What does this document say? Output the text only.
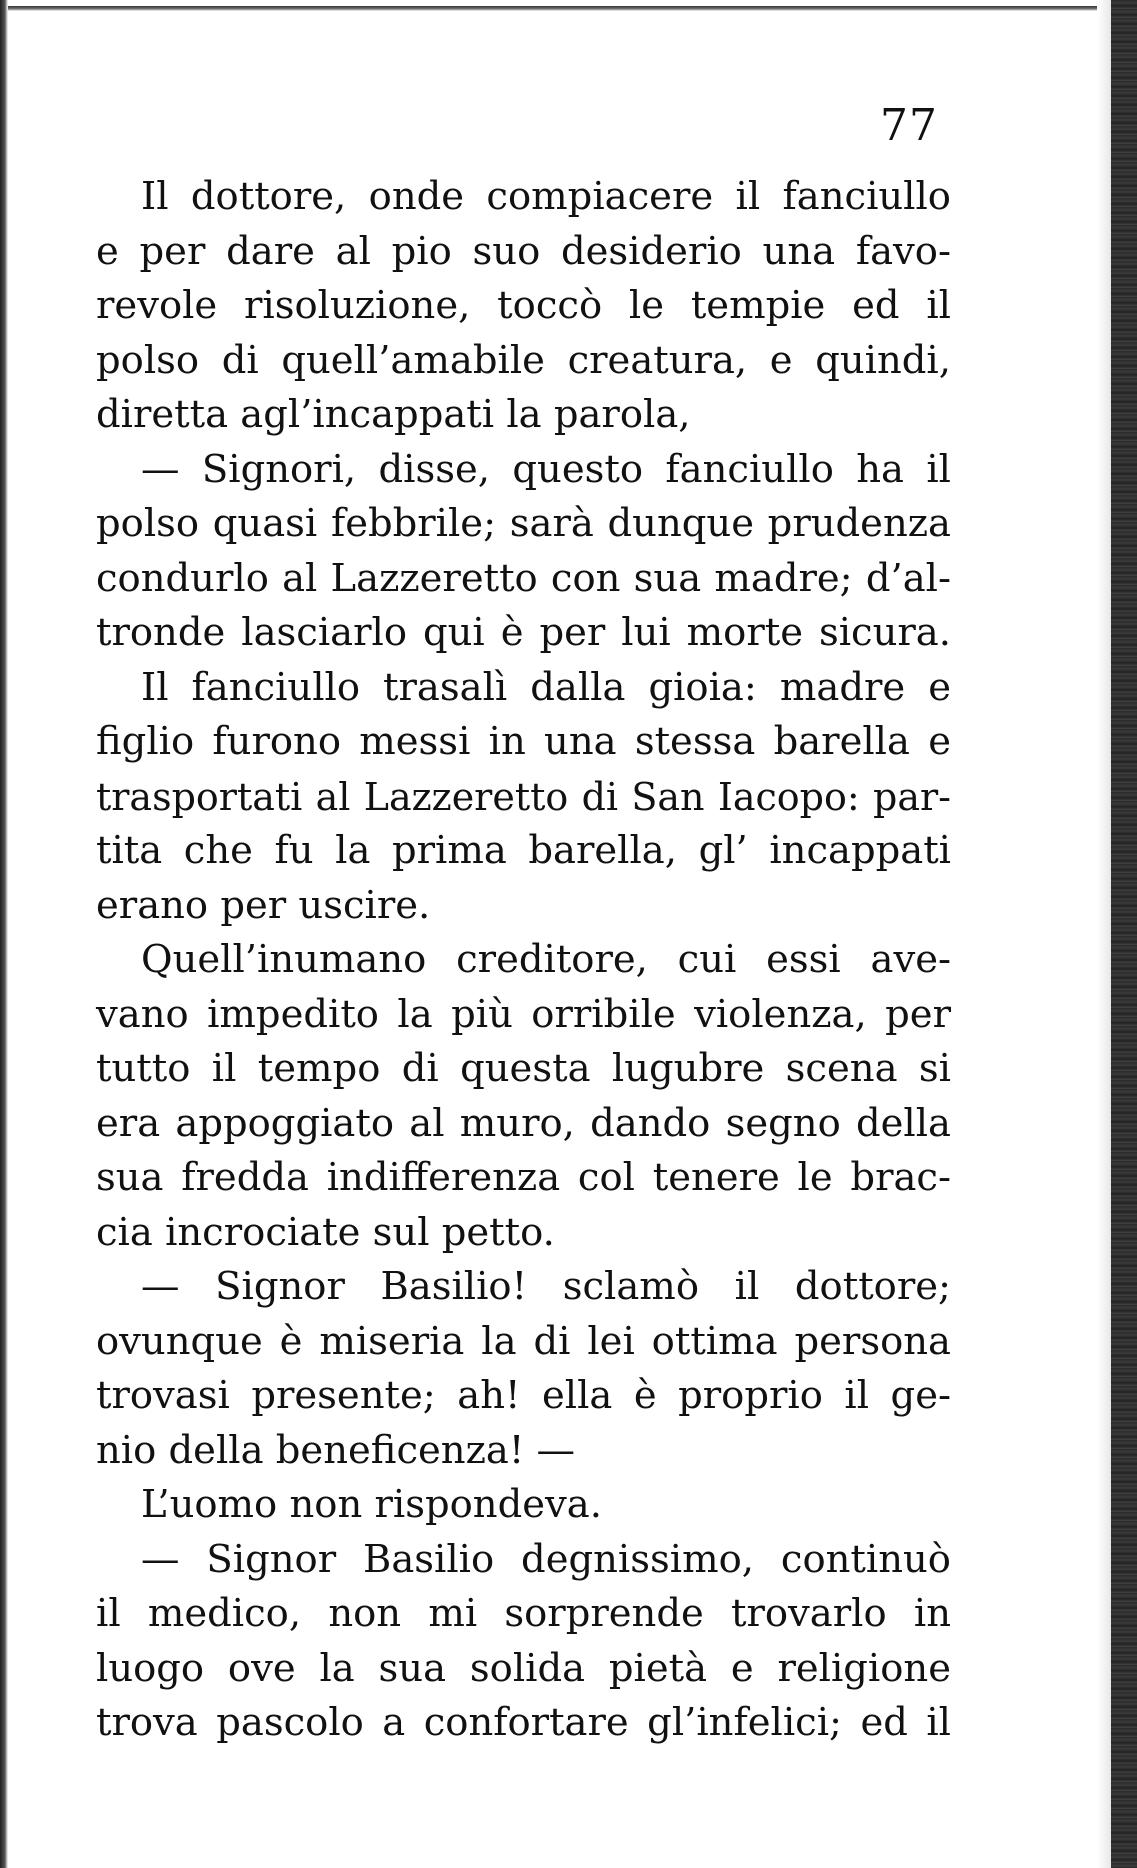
77
Il dottore, onde compiacere il fanciullo
e per dare al pio suo desiderio una favo-
revole risoluzione, toccò le tempie ed il
polso di quell’amabile creatura, e quindi,
diretta agl’incappati la parola,
— Signori, disse, questo fanciullo ha il
polso quasi febbrile; sarà dunque prudenza
condurlo al Lazzeretto con sua madre; d’al-
tronde lasciarlo qui è per lui morte sicura.
Il fanciullo trasalì dalla gioia: madre e
figlio furono messi in una stessa barella e
trasportati al Lazzeretto di San Iacopo: par-
tita che fu la prima barella, gl’ incappati
erano per uscire.
Quell’inumano creditore, cui essi ave-
vano impedito la più orribile violenza, per
tutto il tempo di questa lugubre scena si
era appoggiato al muro, dando segno della
sua fredda indifferenza col tenere le brac-
cia incrociate sul petto.
— Signor Basilio! sclamò il dottore;
ovunque è miseria la di lei ottima persona
trovasi presente; ah! ella è proprio il ge-
nio della beneficenza! —
L’uomo non rispondeva.
— Signor Basilio degnissimo, continuò
il medico, non mi sorprende trovarlo in
luogo ove la sua solida pietà e religione
trova pascolo a confortare gl’infelici; ed il
